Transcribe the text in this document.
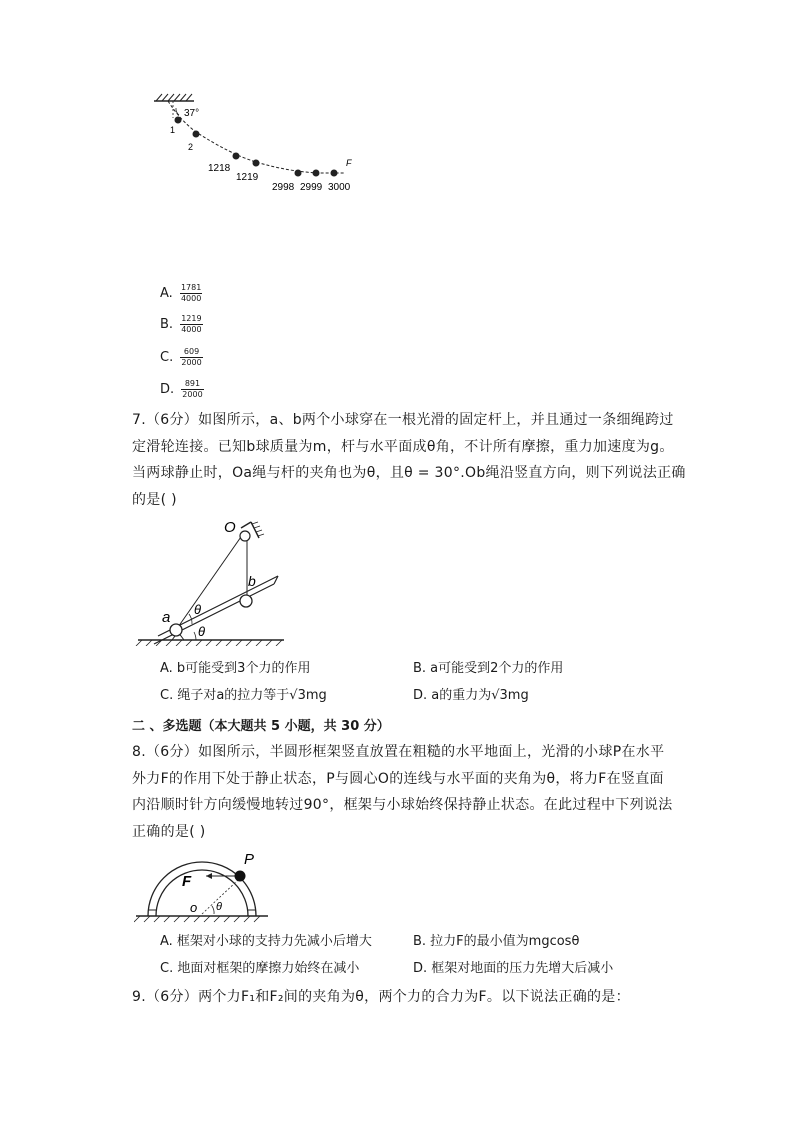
37°
1
2
1218
1219
2998 2999 3000
F
A. $\frac{1781}{4000}$
B. $\frac{1219}{4000}$
C. $\frac{609}{2000}$
D. $\frac{891}{2000}$
7.（6分）如图所示，a、b两个小球穿在一根光滑的固定杆上，并且通过一条细绳跨过
定滑轮连接。已知b球质量为m，杆与水平面成θ角，不计所有摩擦，重力加速度为g。
当两球静止时，Oa绳与杆的夹角也为θ，且θ = 30°.Ob绳沿竖直方向，则下列说法正确
的是( )
O
b
a θ
θ
A. b可能受到3个力的作用	B. a可能受到2个力的作用
C. 绳子对a的拉力等于√3mg	D. a的重力为√3mg
二 、多选题（本大题共 5 小题，共 30 分）
8.（6分）如图所示，半圆形框架竖直放置在粗糙的水平地面上，光滑的小球P在水平
外力F的作用下处于静止状态，P与圆心O的连线与水平面的夹角为θ，将力F在竖直面
内沿顺时针方向缓慢地转过90°，框架与小球始终保持静止状态。在此过程中下列说法
正确的是( )
P
F
o θ
A. 框架对小球的支持力先减小后增大	B. 拉力F的最小值为mgcosθ
C. 地面对框架的摩擦力始终在减小	D. 框架对地面的压力先增大后减小
9.（6分）两个力F₁和F₂间的夹角为θ，两个力的合力为F。以下说法正确的是：
